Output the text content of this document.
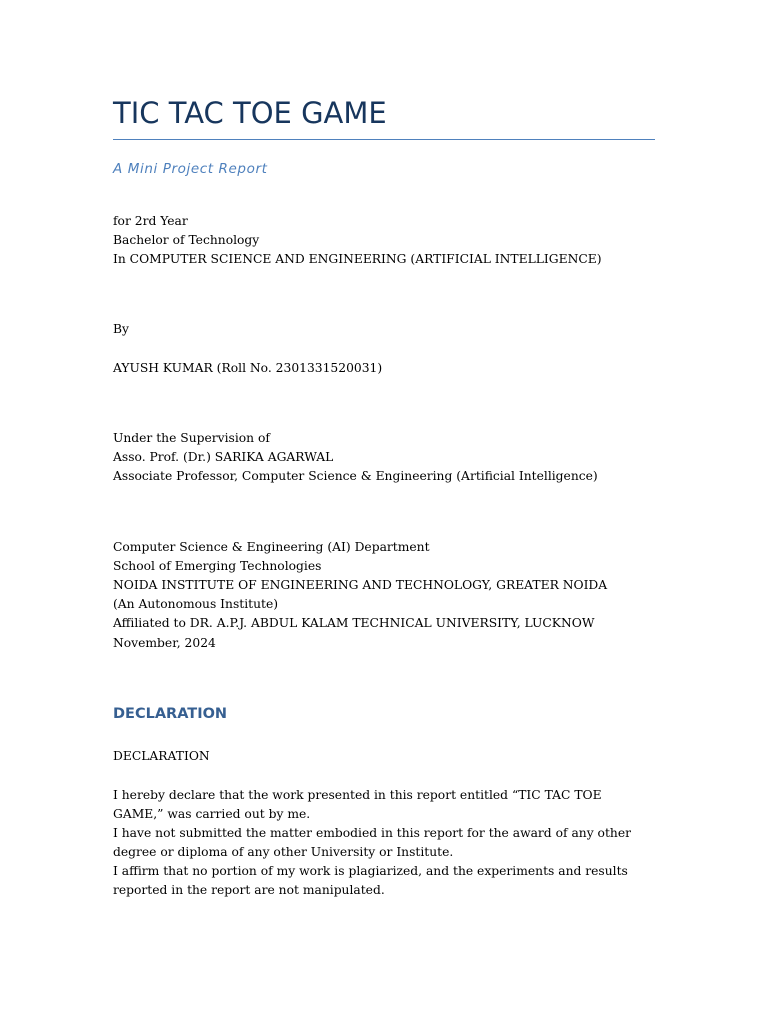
TIC TAC TOE GAME
A Mini Project Report
for 2rd Year
Bachelor of Technology
In COMPUTER SCIENCE AND ENGINEERING (ARTIFICIAL INTELLIGENCE)
By
AYUSH KUMAR (Roll No. 2301331520031)
Under the Supervision of
Asso. Prof. (Dr.) SARIKA AGARWAL
Associate Professor, Computer Science & Engineering (Artificial Intelligence)
Computer Science & Engineering (AI) Department
School of Emerging Technologies
NOIDA INSTITUTE OF ENGINEERING AND TECHNOLOGY, GREATER NOIDA
(An Autonomous Institute)
Affiliated to DR. A.P.J. ABDUL KALAM TECHNICAL UNIVERSITY, LUCKNOW
November, 2024
DECLARATION
DECLARATION
I hereby declare that the work presented in this report entitled “TIC TAC TOE GAME,” was carried out by me.
I have not submitted the matter embodied in this report for the award of any other degree or diploma of any other University or Institute.
I affirm that no portion of my work is plagiarized, and the experiments and results reported in the report are not manipulated.
